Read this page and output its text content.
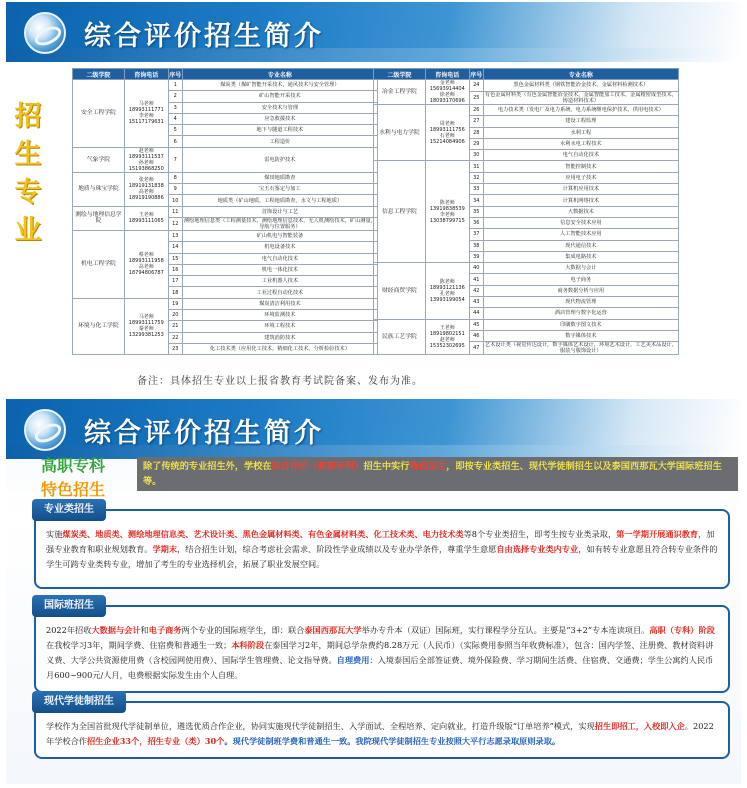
综合评价招生简介
招生专业
二级学院	咨询电话	序号	专业名称
安全工程学院	马老师 18993111771 李老师 15117179631	1	煤炭类（煤矿智能开采技术，通风技术与安全管理）
		2	矿山智能开采技术
		3	安全技术与管理
		4	应急救援技术
		5	地下与隧道工程技术
		6	工程造价
气象学院	赵老师 18993111537 孙老师 15193868250	7	雷电防护技术
地质与珠宝学院	张老师 18919131838 高老师 18919190886	8	煤田地质勘查
		9	宝玉石鉴定与加工
		10	地质类（矿山地质，工程地质勘查，水文与工程地质）
测绘与地理信息学院	王老师 18993111065	11	首饰设计与工艺
		12	测绘地理信息类（工程测量技术，测绘地理信息技术，无人机测绘技术，矿山测量，导航与位置服务）
机电工程学院	蔡老师 18993111958 高老师 18794806787	13	矿山机电与智能装备
		14	机电设备技术
		15	电气自动化技术
		16	机电一体化技术
		17	工业机器人技术
		18	工业过程自动化技术
环境与化工学院	马老师 18993111759 秦老师 13299381253	19	煤炭清洁利用技术
		20	环境监测技术
		21	环境工程技术
		22	建筑消防技术
		23	化工技术类（应用化工技术，精细化工技术，分析检验技术）
二级学院	咨询电话	序号	专业名称
冶金工程学院	金老师 15693914404 徐老师 18093170696	24	黑色金属材料类（钢铁智能冶金技术，金属材料检测技术）
		25	有色金属材料类（有色金属智能冶金技术，金属智能加工技术，金属精密成型技术，铸造材料技术）
水利与电力学院	周老师 18993111756 石老师 15214084906	26	电力技术类（发电厂及电力系统，电力系统继电保护技术，供用电技术）
		27	建设工程监理
		28	水利工程
		29	水利水电工程技术
		30	电气自动化技术
信息工程学院	陈老师 13919838539 李老师 13038799715	31	智能控制技术
		32	应用电子技术
		33	计算机应用技术
		34	计算机网络技术
		35	大数据技术
		36	信息安全技术应用
		37	人工智能技术应用
		38	现代通信技术
		39	集成电路技术
财经商贸学院	陈老师 18993121136 孔老师 13993199054	40	大数据与会计
		41	电子商务
		42	商务数据分析与应用
		43	现代物流管理
		44	酒店管理与数字化运营
民族工艺学院	王老师 18919802151 赵老师 15352302695	45	印刷数字图文技术
		46	数字媒体技术
		47	艺术设计类（视觉传达设计，数字媒体艺术设计，环境艺术设计，工艺美术品设计，服装与服饰设计）
备注：具体招生专业以上报省教育考试院备案、发布为准。
综合评价招生简介
高职专科
特色招生
除了传统的专业招生外，学校在综合评价（高职专科）招生中实行特色招生，即按专业类招生、现代学徒制招生以及泰国西那瓦大学国际班招生等。
专业类招生
实施煤炭类、地质类、测绘地理信息类、艺术设计类、黑色金属材料类、有色金属材料类、化工技术类、电力技术类等8个专业类招生，即考生按专业类录取，第一学期开展通识教育，加强专业教育和职业规划教育。学期末，结合招生计划，综合考虑社会需求、阶段性学业成绩以及专业办学条件，尊重学生意愿自由选择专业类内专业，如有转专业意愿且符合转专业条件的学生可跨专业类转专业，增加了考生的专业选择机会，拓展了职业发展空间。
国际班招生
2022年招收大数据与会计和电子商务两个专业的国际班学生，即：联合泰国西那瓦大学举办专升本（双证）国际班，实行课程学分互认。主要是“3+2”专本连读项目。高职（专科）阶段在我校学习3年，期间学费、住宿费和普通生一致；本科阶段在泰国学习2年，期间总学杂费约8.28万元（人民币）（实际费用参照当年收费标准），包含：国内学签、注册费、教材资料讲义费、大学公共资源使用费（含校园网使用费）、国际学生管理费、论文指导费。自理费用：入境泰国后全部签证费、境外保险费、学习期间生活费、住宿费、交通费；学生公寓约人民币月600~900元/人月，电费根据实际发生由个人自理。
现代学徒制招生
学校作为全国首批现代学徒制单位，遴选优质合作企业，协同实施现代学徒制招生、入学面试、全程培养、定向就业，打造升级版“订单培养”模式，实现招生即招工，入校即入企。2022年学校合作招生企业33个，招生专业（类）30个。现代学徒制班学费和普通生一致。我院现代学徒制招生专业按照大平行志愿录取原则录取。
